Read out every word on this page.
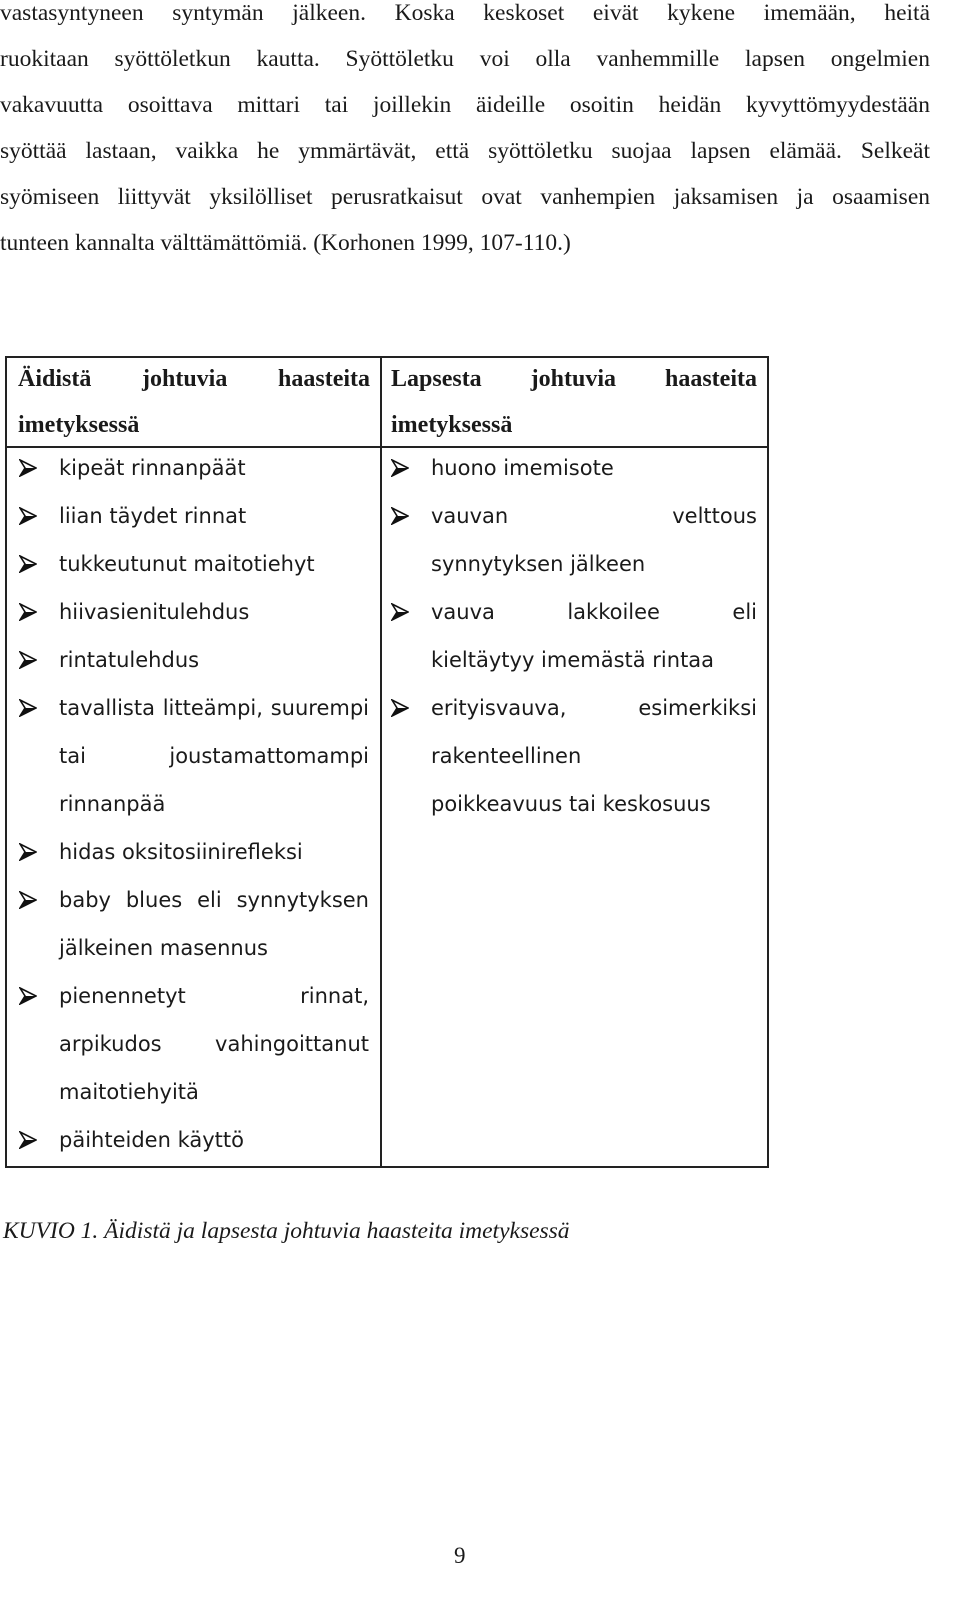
vastasyntyneen syntymän jälkeen. Koska keskoset eivät kykene imemään, heitä
ruokitaan syöttöletkun kautta. Syöttöletku voi olla vanhemmille lapsen ongelmien
vakavuutta osoittava mittari tai joillekin äideille osoitin heidän kyvyttömyydestään
syöttää lastaan, vaikka he ymmärtävät, että syöttöletku suojaa lapsen elämää. Selkeät
syömiseen liittyvät yksilölliset perusratkaisut ovat vanhempien jaksamisen ja osaamisen
tunteen kannalta välttämättömiä. (Korhonen 1999, 107-110.)

Äidistä johtuvia haasteita
imetyksessä
Lapsesta johtuvia haasteita
imetyksessä
kipeät rinnanpäät
liian täydet rinnat
tukkeutunut maitotiehyt
hiivasienitulehdus
rintatulehdus
tavallista litteämpi, suurempi
tai joustamattomampi
rinnanpää
hidas oksitosiinirefleksi
baby blues eli synnytyksen
jälkeinen masennus
pienennetyt rinnat,
arpikudos vahingoittanut
maitotiehyitä
päihteiden käyttö
huono imemisote
vauvan velttous
synnytyksen jälkeen
vauva lakkoilee eli
kieltäytyy imemästä rintaa
erityisvauva, esimerkiksi
rakenteellinen
poikkeavuus tai keskosuus
KUVIO 1. Äidistä ja lapsesta johtuvia haasteita imetyksessä
9
